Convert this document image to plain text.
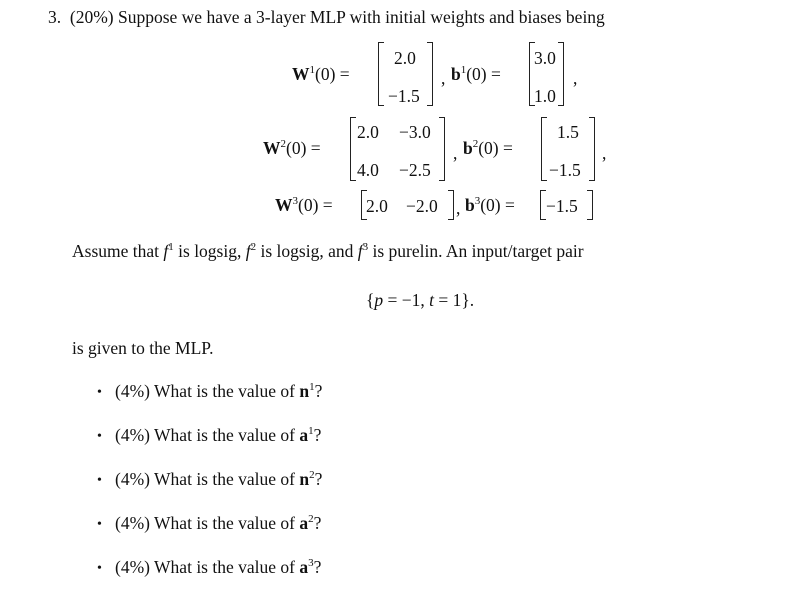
3. (20%) Suppose we have a 3-layer MLP with initial weights and biases being
$W^1(0)$ =
2.0
−1.5
, $b^1(0)$ =
3.0
1.0
,
$W^2(0)$ =
2.0 −3.0
4.0 −2.5
, $b^2(0)$ =
1.5
−1.5
,
$W^3(0) = 2.0 -2.0$ , $b^3(0) = -1.5$
Assume that $f^1$ is logsig, $f^2$ is logsig, and $f^3$ is purelin. An input/target pair
{p = −1, t = 1}.
is given to the MLP.
• (4%) What is the value of $n^1$?
• (4%) What is the value of $a^1$?
• (4%) What is the value of $n^2$?
• (4%) What is the value of $a^2$?
• (4%) What is the value of $a^3$?
